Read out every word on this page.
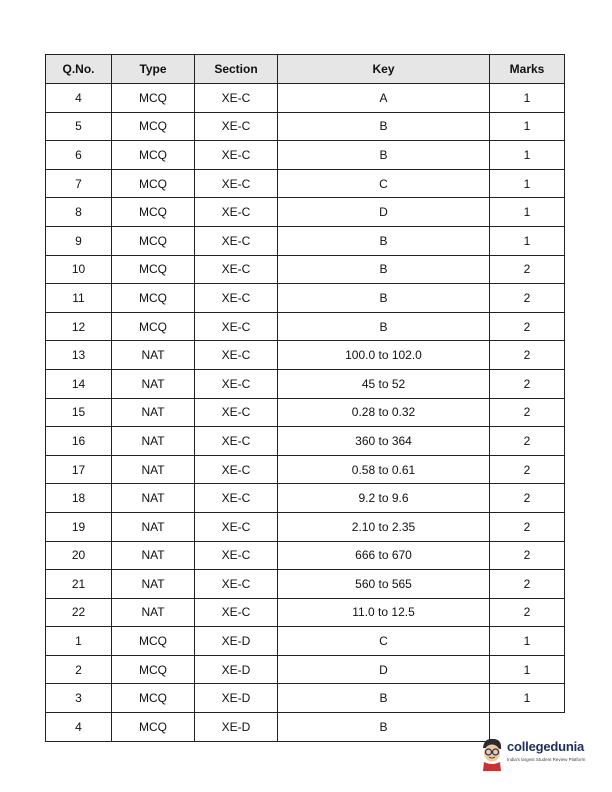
Q.No.	Type	Section	Key	Marks
4	MCQ	XE-C	A	1
5	MCQ	XE-C	B	1
6	MCQ	XE-C	B	1
7	MCQ	XE-C	C	1
8	MCQ	XE-C	D	1
9	MCQ	XE-C	B	1
10	MCQ	XE-C	B	2
11	MCQ	XE-C	B	2
12	MCQ	XE-C	B	2
13	NAT	XE-C	100.0 to 102.0	2
14	NAT	XE-C	45 to 52	2
15	NAT	XE-C	0.28 to 0.32	2
16	NAT	XE-C	360 to 364	2
17	NAT	XE-C	0.58 to 0.61	2
18	NAT	XE-C	9.2 to 9.6	2
19	NAT	XE-C	2.10 to 2.35	2
20	NAT	XE-C	666 to 670	2
21	NAT	XE-C	560 to 565	2
22	NAT	XE-C	11.0 to 12.5	2
1	MCQ	XE-D	C	1
2	MCQ	XE-D	D	1
3	MCQ	XE-D	B	1
4	MCQ	XE-D	B	
collegedunia
India's largest Student Review Platform
